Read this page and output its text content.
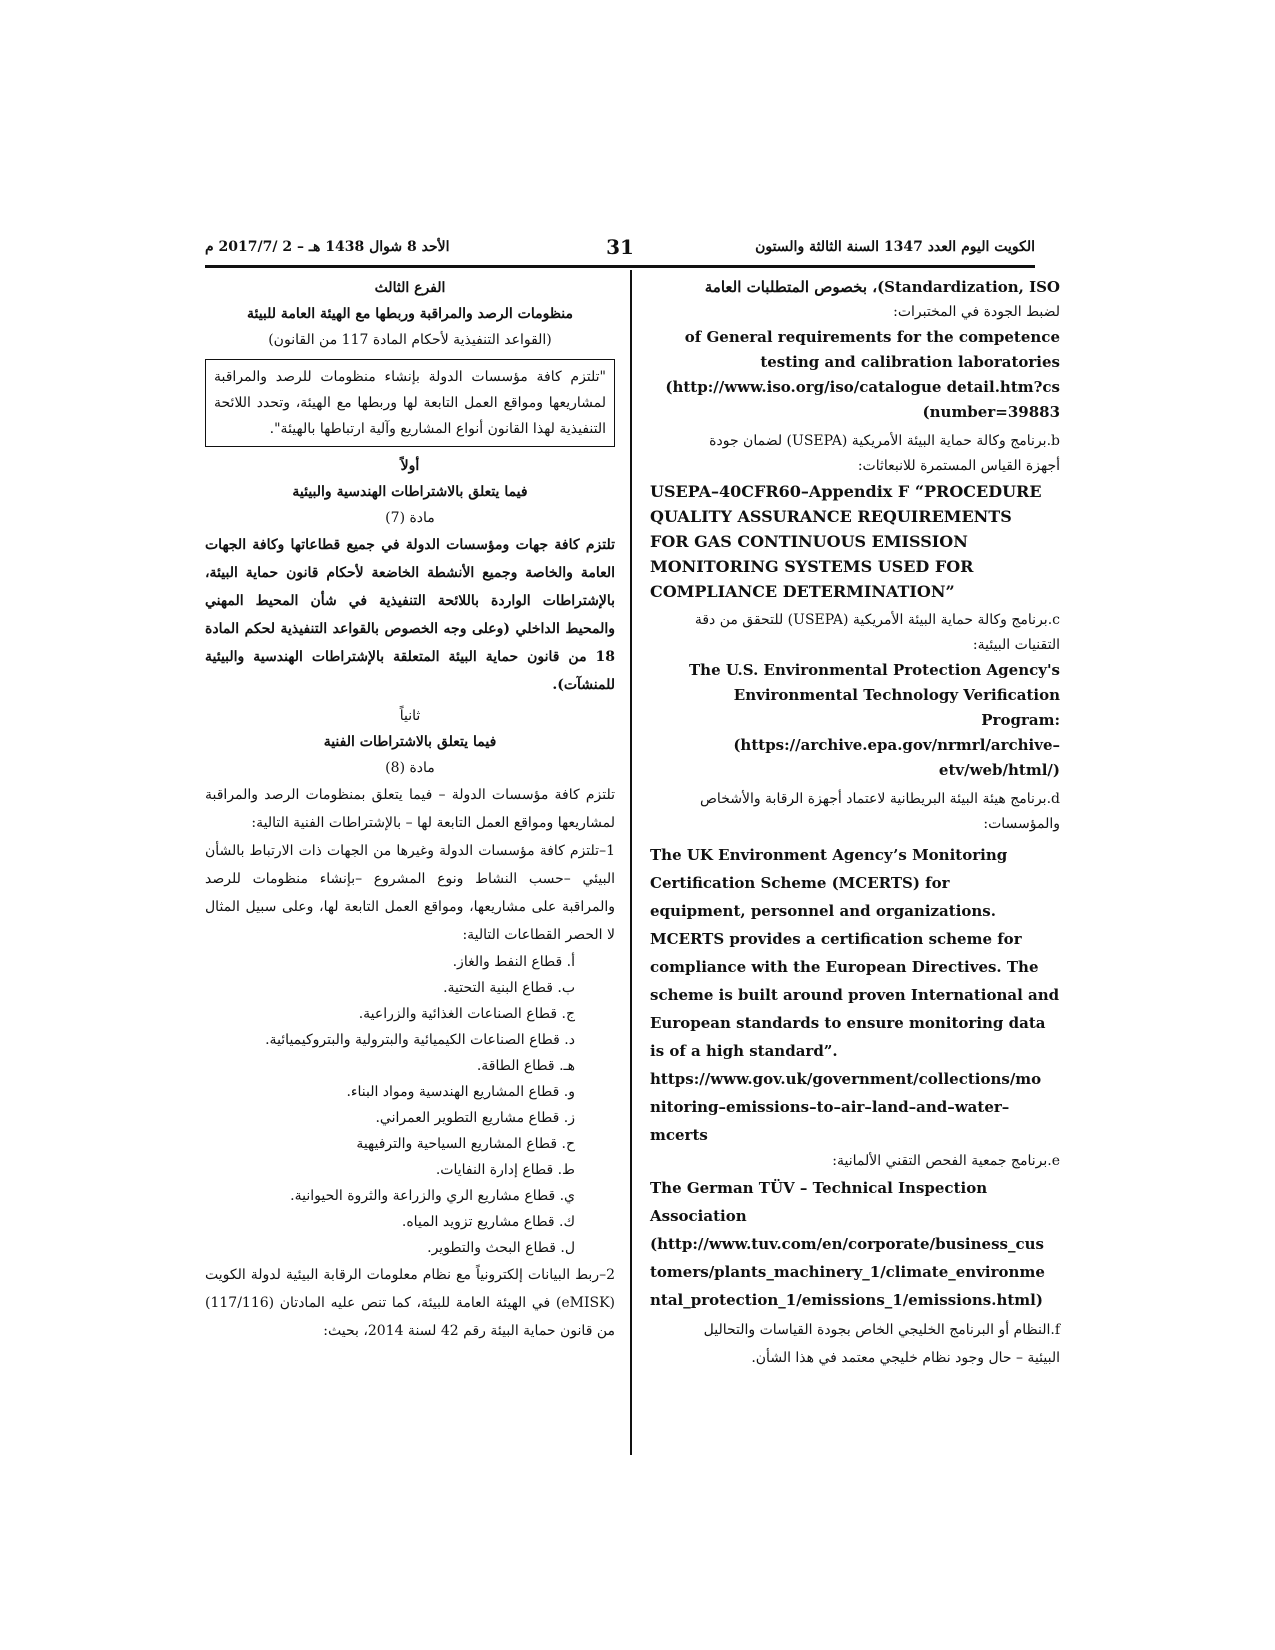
الكويت اليوم العدد 1347 السنة الثالثة والستون
31
الأحد 8 شوال 1438 هـ – 2 /2017/7 م
Standardization, ISO)، بخصوص المتطلبات العامة
لضبط الجودة في المختبرات:
of General requirements for the competence
testing and calibration laboratories
(http://www.iso.org/iso/catalogue detail.htm?cs
(number=39883
b.برنامج وكالة حماية البيئة الأمريكية (USEPA) لضمان جودة
أجهزة القياس المستمرة للانبعاثات:
USEPA–40CFR60–Appendix F “PROCEDURE
QUALITY ASSURANCE REQUIREMENTS
FOR GAS CONTINUOUS EMISSION
MONITORING SYSTEMS USED FOR
COMPLIANCE DETERMINATION”
c.برنامج وكالة حماية البيئة الأمريكية (USEPA) للتحقق من دقة
التقنيات البيئية:
The U.S. Environmental Protection Agency's
Environmental Technology Verification
Program:
(https://archive.epa.gov/nrmrl/archive–
etv/web/html/)
d.برنامج هيئة البيئة البريطانية لاعتماد أجهزة الرقابة والأشخاص
والمؤسسات:
The UK Environment Agency’s Monitoring
Certification Scheme (MCERTS) for
equipment, personnel and organizations.
MCERTS provides a certification scheme for
compliance with the European Directives. The
scheme is built around proven International and
European standards to ensure monitoring data
is of a high standard”.
https://www.gov.uk/government/collections/mo
nitoring–emissions–to–air–land–and–water–
mcerts
e.برنامج جمعية الفحص التقني الألمانية:
The German TÜV – Technical Inspection
Association
(http://www.tuv.com/en/corporate/business_cus
tomers/plants_machinery_1/climate_environme
ntal_protection_1/emissions_1/emissions.html)
f.النظام أو البرنامج الخليجي الخاص بجودة القياسات والتحاليل
البيئية – حال وجود نظام خليجي معتمد في هذا الشأن.
الفرع الثالث
منظومات الرصد والمراقبة وربطها مع الهيئة العامة للبيئة
(القواعد التنفيذية لأحكام المادة 117 من القانون)
"تلتزم كافة مؤسسات الدولة بإنشاء منظومات للرصد والمراقبة لمشاريعها ومواقع العمل التابعة لها وربطها مع الهيئة، وتحدد اللائحة التنفيذية لهذا القانون أنواع المشاريع وآلية ارتباطها بالهيئة".
أولاً
فيما يتعلق بالاشتراطات الهندسية والبيئية
مادة (7)
تلتزم كافة جهات ومؤسسات الدولة في جميع قطاعاتها وكافة الجهات العامة والخاصة وجميع الأنشطة الخاضعة لأحكام قانون حماية البيئة، بالإشتراطات الواردة باللائحة التنفيذية في شأن المحيط المهني والمحيط الداخلي (وعلى وجه الخصوص بالقواعد التنفيذية لحكم المادة 18 من قانون حماية البيئة المتعلقة بالإشتراطات الهندسية والبيئية للمنشآت).
ثانياً
فيما يتعلق بالاشتراطات الفنية
مادة (8)
تلتزم كافة مؤسسات الدولة – فيما يتعلق بمنظومات الرصد والمراقبة لمشاريعها ومواقع العمل التابعة لها – بالإشتراطات الفنية التالية:
1–تلتزم كافة مؤسسات الدولة وغيرها من الجهات ذات الارتباط بالشأن البيئي –حسب النشاط ونوع المشروع –بإنشاء منظومات للرصد والمراقبة على مشاريعها، ومواقع العمل التابعة لها، وعلى سبيل المثال لا الحصر القطاعات التالية:
أ. قطاع النفط والغاز.
ب. قطاع البنية التحتية.
ج. قطاع الصناعات الغذائية والزراعية.
د. قطاع الصناعات الكيميائية والبترولية والبتروكيميائية.
هـ. قطاع الطاقة.
و. قطاع المشاريع الهندسية ومواد البناء.
ز. قطاع مشاريع التطوير العمراني.
ح. قطاع المشاريع السياحية والترفيهية
ط. قطاع إدارة النفايات.
ي. قطاع مشاريع الري والزراعة والثروة الحيوانية.
ك. قطاع مشاريع تزويد المياه.
ل. قطاع البحث والتطوير.
2–ربط البيانات إلكترونياً مع نظام معلومات الرقابة البيئية لدولة الكويت (eMISK) في الهيئة العامة للبيئة، كما تنص عليه المادتان (117/116) من قانون حماية البيئة رقم 42 لسنة 2014، بحيث:
